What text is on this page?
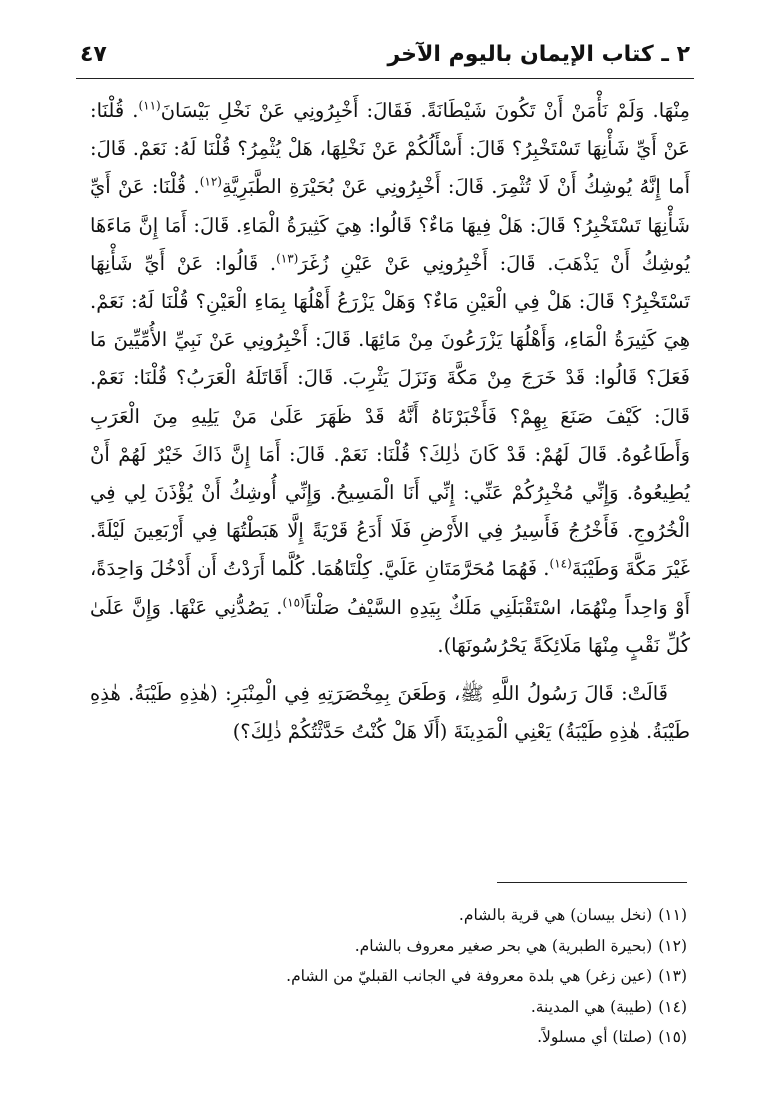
٢ ـ كتاب الإيمان باليوم الآخر
٤٧

مِنْهَا. وَلَمْ نَأْمَنْ أَنْ تَكُونَ شَيْطَانَةً. فَقَالَ: أَخْبِرُونِي عَنْ نَخْلِ بَيْسَانَ$^{(١١)}$. قُلْنَا: عَنْ أَيِّ شَأْنِهَا تَسْتَخْبِرُ؟ قَالَ: أَسْأَلُكُمْ عَنْ نَخْلِهَا، هَلْ يُثْمِرُ؟ قُلْنَا لَهُ: نَعَمْ. قَالَ: أَما إِنَّهُ يُوشِكُ أَنْ لَا تُثْمِرَ. قَالَ: أَخْبِرُونِي عَنْ بُحَيْرَةِ الطَّبَرِيَّةِ$^{(١٢)}$. قُلْنَا: عَنْ أَيِّ شَأْنِهَا تَسْتَخْبِرُ؟ قَالَ: هَلْ فِيهَا مَاءٌ؟ قَالُوا: هِيَ كَثِيرَةُ الْمَاءِ. قَالَ: أَمَا إِنَّ مَاءَهَا يُوشِكُ أَنْ يَذْهَبَ. قَالَ: أَخْبِرُونِي عَنْ عَيْنِ زُغَرَ$^{(١٣)}$. قَالُوا: عَنْ أَيِّ شَأْنِهَا تَسْتَخْبِرُ؟ قَالَ: هَلْ فِي الْعَيْنِ مَاءٌ؟ وَهَلْ يَزْرَعُ أَهْلُهَا بِمَاءِ الْعَيْنِ؟ قُلْنَا لَهُ: نَعَمْ. هِيَ كَثِيرَةُ الْمَاءِ، وَأَهْلُهَا يَزْرَعُونَ مِنْ مَائِهَا. قَالَ: أَخْبِرُونِي عَنْ نَبِيِّ الأُمِّيِّينَ مَا فَعَلَ؟ قَالُوا: قَدْ خَرَجَ مِنْ مَكَّةَ وَنَزَلَ يَثْرِبَ. قَالَ: أَقَاتَلَهُ الْعَرَبُ؟ قُلْنَا: نَعَمْ. قَالَ: كَيْفَ صَنَعَ بِهِمْ؟ فَأَخْبَرْنَاهُ أَنَّهُ قَدْ ظَهَرَ عَلَىٰ مَنْ يَلِيهِ مِنَ الْعَرَبِ وَأَطَاعُوهُ. قَالَ لَهُمْ: قَدْ كَانَ ذٰلِكَ؟ قُلْنَا: نَعَمْ. قَالَ: أَمَا إِنَّ ذَاكَ خَيْرٌ لَهُمْ أَنْ يُطِيعُوهُ. وَإِنِّي مُخْبِرُكُمْ عَنِّي: إِنِّي أَنَا الْمَسِيحُ. وَإِنِّي أُوشِكُ أَنْ يُؤْذَنَ لِي فِي الْخُرُوجِ. فَأَخْرُجُ فَأَسِيرُ فِي الأَرْضِ فَلَا أَدَعُ قَرْيَةً إِلَّا هَبَطْتُهَا فِي أَرْبَعِينَ لَيْلَةً. غَيْرَ مَكَّةَ وَطَيْبَةَ$^{(١٤)}$. فَهُمَا مُحَرَّمَتَانِ عَلَيَّ. كِلْتَاهُمَا. كُلَّما أَرَدْتُ أَن أَدْخُلَ وَاحِدَةً، أَوْ وَاحِداً مِنْهُمَا، اسْتَقْبَلَنِي مَلَكٌ بِيَدِهِ السَّيْفُ صَلْتاً$^{(١٥)}$. يَصُدُّنِي عَنْهَا. وَإِنَّ عَلَىٰ كُلِّ نَقْبٍ مِنْهَا مَلَائِكَةً يَحْرُسُونَهَا).

قَالَتْ: قَالَ رَسُولُ اللَّهِ ﷺ، وَطَعَنَ بِمِخْصَرَتِهِ فِي الْمِنْبَرِ: (هٰذِهِ طَيْبَةُ. هٰذِهِ طَيْبَةُ. هٰذِهِ طَيْبَةُ) يَعْنِي الْمَدِينَةَ (أَلَا هَلْ كُنْتُ حَدَّثْتُكُمْ ذٰلِكَ؟)

(١١)(نخل بيسان) هي قرية بالشام.
(١٢)(بحيرة الطبرية) هي بحر صغير معروف بالشام.
(١٣)(عين زغر) هي بلدة معروفة في الجانب القبليّ من الشام.
(١٤)(طيبة) هي المدينة.
(١٥)(صلتا) أي مسلولاً.
